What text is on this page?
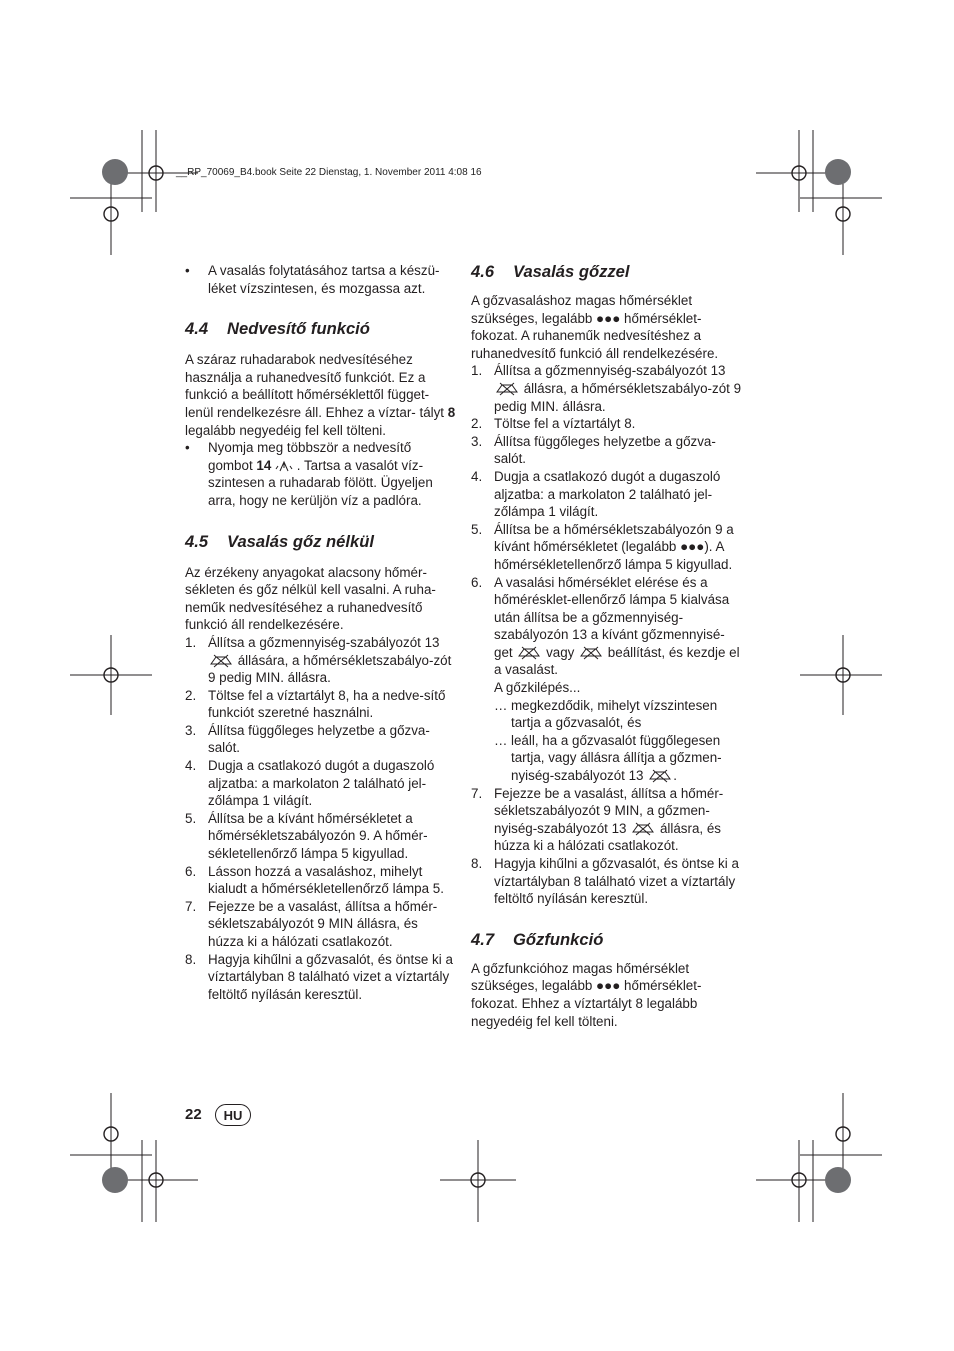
__RP_70069_B4.book Seite 22 Dienstag, 1. November 2011 4:08 16
• A vasalás folytatásához tartsa a készü-
léket vízszintesen, és mozgassa azt.
4.4 Nedvesítő funkció

A száraz ruhadarabok nedvesítéséhez használja a ruhanedvesítő funkciót. Ez a funkció a beállított hőmérséklettől függet-lenül rendelkezésre áll. Ehhez a víztar- tályt 8 legalább negyedéig fel kell tölteni.

• Nyomja meg többször a nedvesítő
gombot 14 . Tartsa a vasalót víz- szintesen a ruhadarab fölött. Ügyeljen arra, hogy ne kerüljön víz a padlóra.
4.5 Vasalás gőz nélkül

Az érzékeny anyagokat alacsony hőmér-sékleten és gőz nélkül kell vasalni. A ruha-neműk nedvesítéséhez a ruhanedvesítő funkció áll rendelkezésére.

1. Állítsa a gőzmennyiség-szabályozót 13  állására, a hőmérsékletszabályo-zót 9 pedig MIN. állásra.
2. Töltse fel a víztartályt 8, ha a nedve-sítő funkciót szeretné használni.
3. Állítsa függőleges helyzetbe a gőzva-salót.
4. Dugja a csatlakozó dugót a dugaszoló aljzatba: a markolaton 2 található jel-zőlámpa 1 világít.
5. Állítsa be a kívánt hőmérsékletet a hőmérsékletszabályozón 9. A hőmér-sékletellenőrző lámpa 5 kigyullad.
6. Lásson hozzá a vasaláshoz, mihelyt kialudt a hőmérsékletellenőrző lámpa 5.
7. Fejezze be a vasalást, állítsa a hőmér-sékletszabályozót 9 MIN állásra, és húzza ki a hálózati csatlakozót.
8. Hagyja kihűlni a gőzvasalót, és öntse ki a víztartályban 8 található vizet a víztartály feltöltő nyílásán keresztül.
4.6 Vasalás gőzzel

A gőzvasaláshoz magas hőmérséklet szükséges, legalább ●●● hőmérséklet-fokozat. A ruhaneműk nedvesítéshez a ruhanedvesítő funkció áll rendelkezésére.

1. Állítsa a gőzmennyiség-szabályozót 13  állásra, a hőmérsékletszabályo-zót 9 pedig MIN. állásra.
2. Töltse fel a víztartályt 8.
3. Állítsa függőleges helyzetbe a gőzva-salót.
4. Dugja a csatlakozó dugót a dugaszoló aljzatba: a markolaton 2 található jel-zőlámpa 1 világít.
5. Állítsa be a hőmérsékletszabályozón 9 a kívánt hőmérsékletet (legalább ●●●). A hőmérsékletellenőrző lámpa 5 kigyullad.
6. A vasalási hőmérséklet elérése és a hőmérésklet-ellenőrző lámpa 5 kialvása után állítsa be a gőzmennyiség-szabályozón 13 a kívánt gőzmennyisé-get  vagy  beállítást, és kezdje el a vasalást.
A gőzkilépés...
… megkezdődik, mihelyt vízszintesen tartja a gőzvasalót, és
… leáll, ha a gőzvasalót függőlegesen tartja, vagy állásra állítja a gőzmen-nyiség-szabályozót 13 .
7. Fejezze be a vasalást, állítsa a hőmér-sékletszabályozót 9 MIN, a gőzmen-nyiség-szabályozót 13  állásra, és húzza ki a hálózati csatlakozót.
8. Hagyja kihűlni a gőzvasalót, és öntse ki a víztartályban 8 található vizet a víztartály feltöltő nyílásán keresztül.
4.7 Gőzfunkció

A gőzfunkcióhoz magas hőmérséklet szükséges, legalább ●●● hőmérséklet-fokozat. Ehhez a víztartályt 8 legalább negyedéig fel kell tölteni.

22	HU
